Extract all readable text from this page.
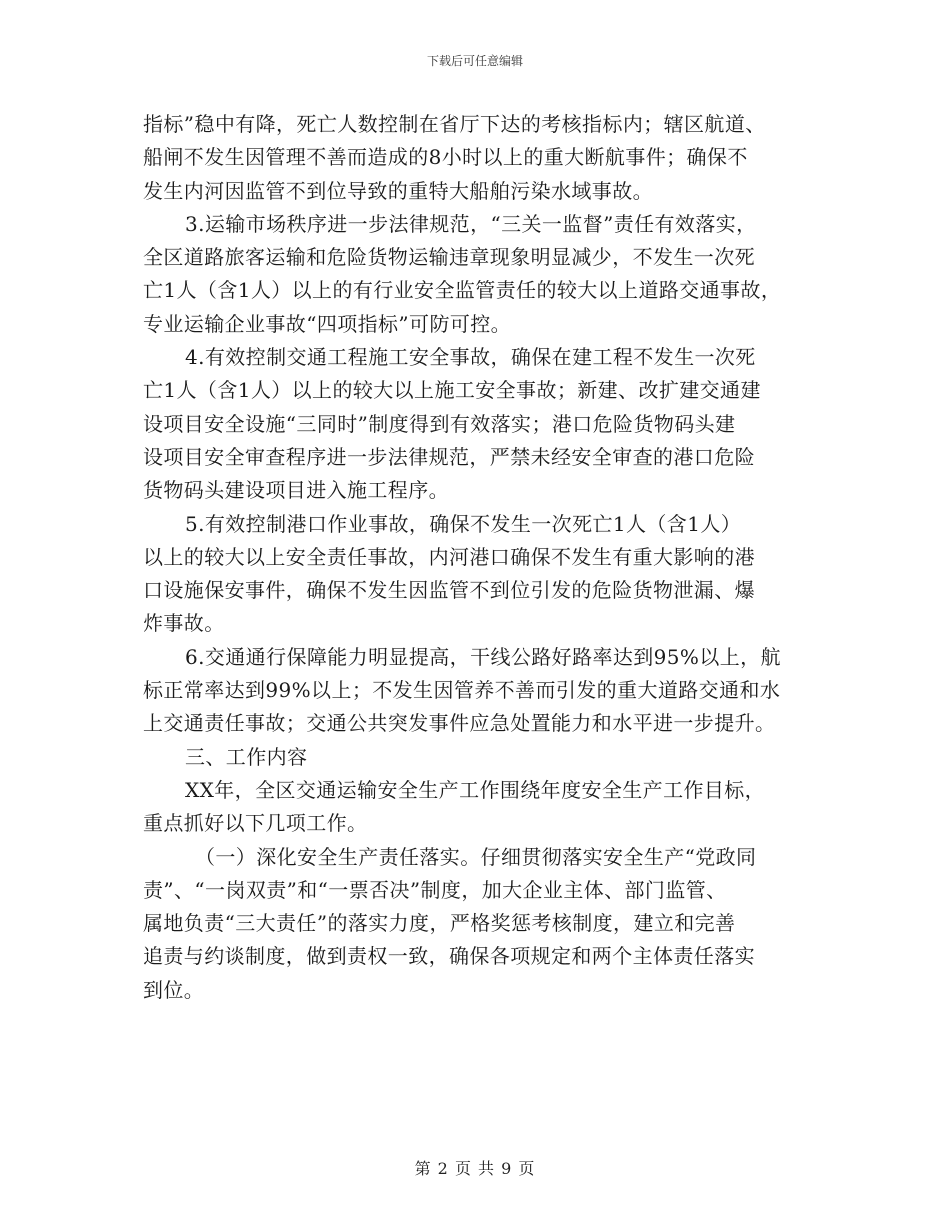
下载后可任意编辑
指标”稳中有降，死亡人数控制在省厅下达的考核指标内；辖区航道、
船闸不发生因管理不善而造成的8小时以上的重大断航事件；确保不
发生内河因监管不到位导致的重特大船舶污染水域事故。
3.运输市场秩序进一步法律规范，“三关一监督”责任有效落实，
全区道路旅客运输和危险货物运输违章现象明显减少，不发生一次死
亡1人（含1人）以上的有行业安全监管责任的较大以上道路交通事故，
专业运输企业事故“四项指标”可防可控。
4.有效控制交通工程施工安全事故，确保在建工程不发生一次死
亡1人（含1人）以上的较大以上施工安全事故；新建、改扩建交通建
设项目安全设施“三同时”制度得到有效落实；港口危险货物码头建
设项目安全审查程序进一步法律规范，严禁未经安全审查的港口危险
货物码头建设项目进入施工程序。
5.有效控制港口作业事故，确保不发生一次死亡1人（含1人）
以上的较大以上安全责任事故，内河港口确保不发生有重大影响的港
口设施保安事件，确保不发生因监管不到位引发的危险货物泄漏、爆
炸事故。
6.交通通行保障能力明显提高，干线公路好路率达到95%以上，航
标正常率达到99%以上；不发生因管养不善而引发的重大道路交通和水
上交通责任事故；交通公共突发事件应急处置能力和水平进一步提升。
三、工作内容
XX年，全区交通运输安全生产工作围绕年度安全生产工作目标，
重点抓好以下几项工作。
（一）深化安全生产责任落实。仔细贯彻落实安全生产“党政同
责”、“一岗双责”和“一票否决”制度，加大企业主体、部门监管、
属地负责“三大责任”的落实力度，严格奖惩考核制度，建立和完善
追责与约谈制度，做到责权一致，确保各项规定和两个主体责任落实
到位。
第 2 页 共 9 页
